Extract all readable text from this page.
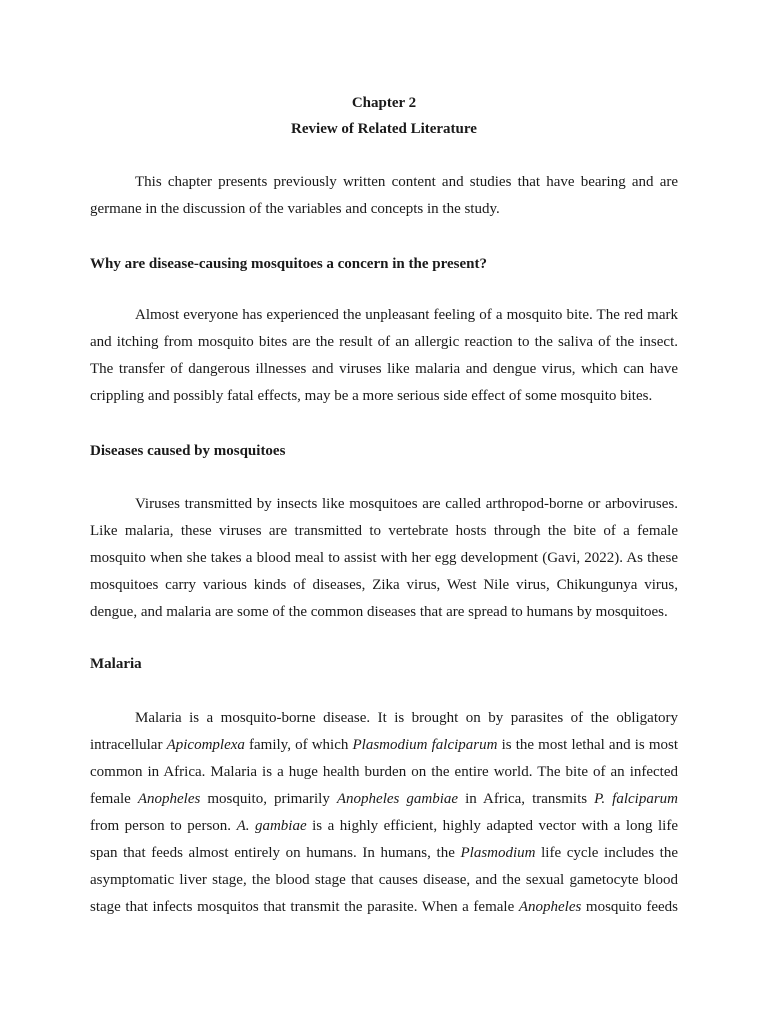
Chapter 2
Review of Related Literature

This chapter presents previously written content and studies that have bearing and are
germane in the discussion of the variables and concepts in the study.

Why are disease-causing mosquitoes a concern in the present?

Almost everyone has experienced the unpleasant feeling of a mosquito bite. The red mark
and itching from mosquito bites are the result of an allergic reaction to the saliva of the insect.
The transfer of dangerous illnesses and viruses like malaria and dengue virus, which can have
crippling and possibly fatal effects, may be a more serious side effect of some mosquito bites.

Diseases caused by mosquitoes

Viruses transmitted by insects like mosquitoes are called arthropod-borne or arboviruses.
Like malaria, these viruses are transmitted to vertebrate hosts through the bite of a female
mosquito when she takes a blood meal to assist with her egg development (Gavi, 2022). As these
mosquitoes carry various kinds of diseases, Zika virus, West Nile virus, Chikungunya virus,
dengue, and malaria are some of the common diseases that are spread to humans by mosquitoes.

Malaria

Malaria is a mosquito-borne disease. It is brought on by parasites of the obligatory
intracellular Apicomplexa family, of which Plasmodium falciparum is the most lethal and is most
common in Africa. Malaria is a huge health burden on the entire world. The bite of an infected
female Anopheles mosquito, primarily Anopheles gambiae in Africa, transmits P. falciparum
from person to person. A. gambiae is a highly efficient, highly adapted vector with a long life
span that feeds almost entirely on humans. In humans, the Plasmodium life cycle includes the
asymptomatic liver stage, the blood stage that causes disease, and the sexual gametocyte blood
stage that infects mosquitos that transmit the parasite. When a female Anopheles mosquito feeds
